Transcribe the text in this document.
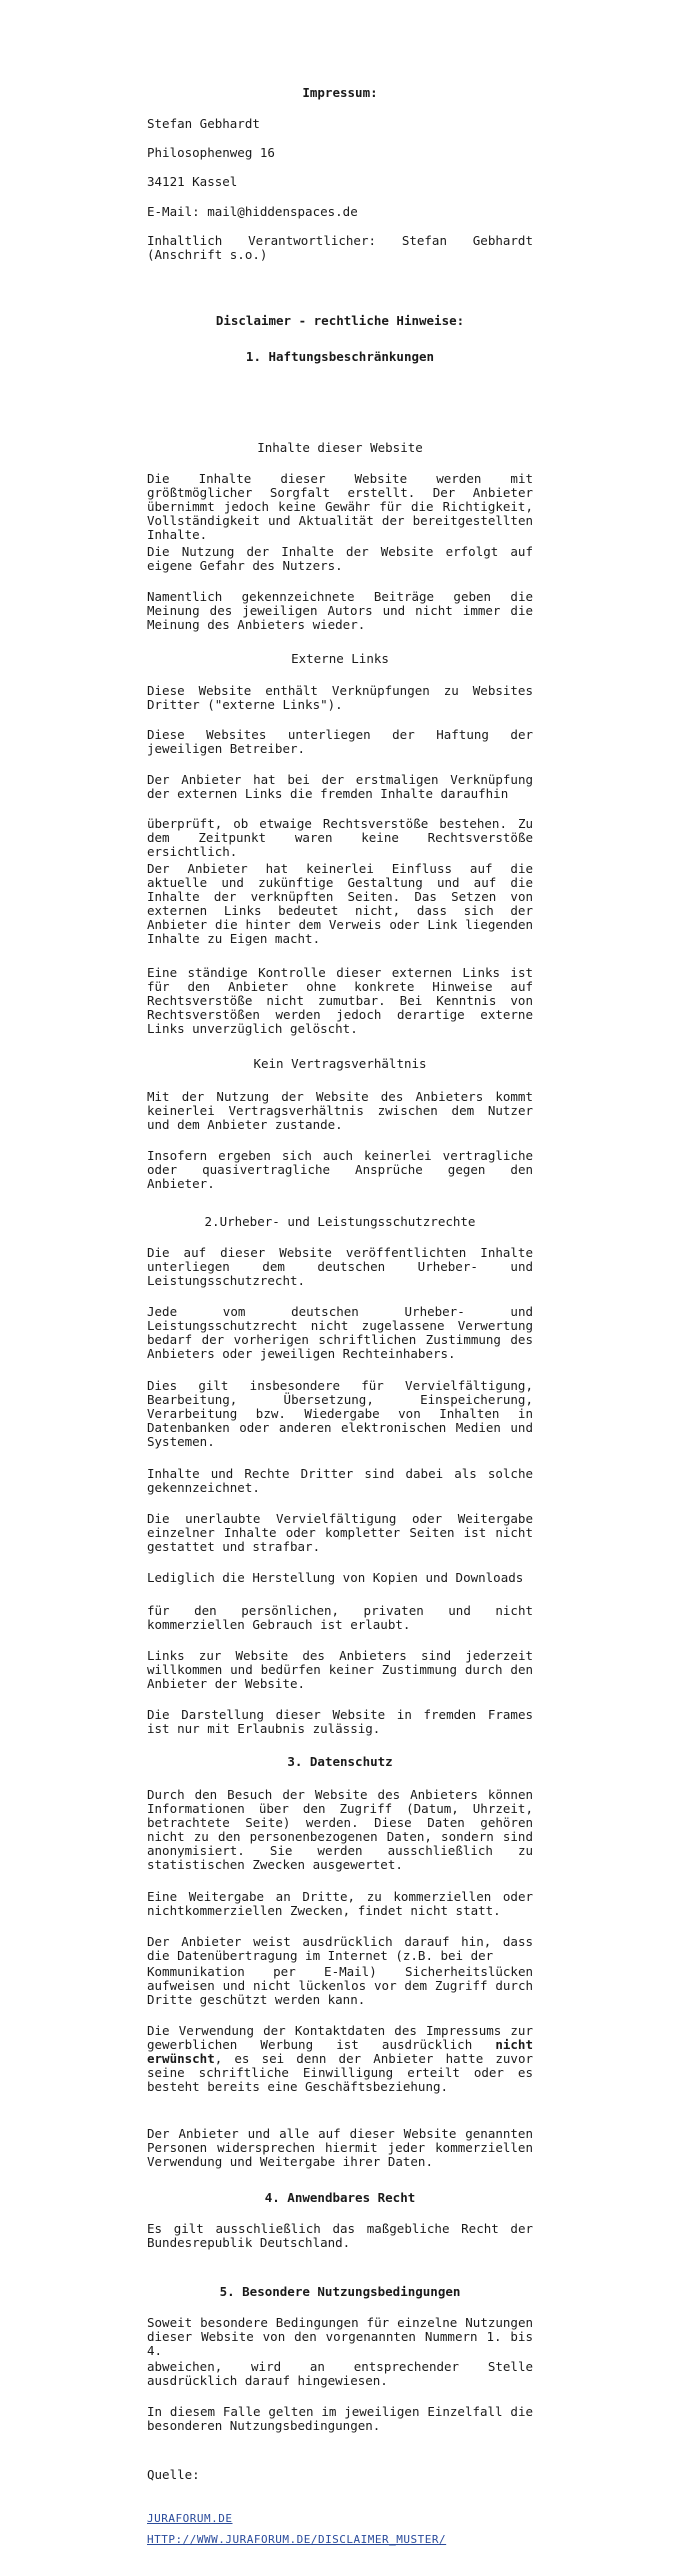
Impressum:

Stefan Gebhardt

Philosophenweg 16

34121 Kassel

E-Mail: mail@hiddenspaces.de

Inhaltlich Verantwortlicher: Stefan Gebhardt (Anschrift s.o.)

Disclaimer - rechtliche Hinweise:

1. Haftungsbeschränkungen

Inhalte dieser Website

Die Inhalte dieser Website werden mit größtmöglicher Sorgfalt erstellt. Der Anbieter übernimmt jedoch keine Gewähr für die Richtigkeit, Vollständigkeit und Aktualität der bereitgestellten Inhalte.

Die Nutzung der Inhalte der Website erfolgt auf eigene Gefahr des Nutzers.

Namentlich gekennzeichnete Beiträge geben die Meinung des jeweiligen Autors und nicht immer die Meinung des Anbieters wieder.

Externe Links

Diese Website enthält Verknüpfungen zu Websites Dritter ("externe Links").

Diese Websites unterliegen der Haftung der jeweiligen Betreiber.

Der Anbieter hat bei der erstmaligen Verknüpfung der externen Links die fremden Inhalte daraufhin

überprüft, ob etwaige Rechtsverstöße bestehen. Zu dem Zeitpunkt waren keine Rechtsverstöße ersichtlich.

Der Anbieter hat keinerlei Einfluss auf die aktuelle und zukünftige Gestaltung und auf die Inhalte der verknüpften Seiten. Das Setzen von externen Links bedeutet nicht, dass sich der Anbieter die hinter dem Verweis oder Link liegenden Inhalte zu Eigen macht.

Eine ständige Kontrolle dieser externen Links ist für den Anbieter ohne konkrete Hinweise auf Rechtsverstöße nicht zumutbar. Bei Kenntnis von Rechtsverstößen werden jedoch derartige externe Links unverzüglich gelöscht.

Kein Vertragsverhältnis

Mit der Nutzung der Website des Anbieters kommt keinerlei Vertragsverhältnis zwischen dem Nutzer und dem Anbieter zustande.

Insofern ergeben sich auch keinerlei vertragliche oder quasivertragliche Ansprüche gegen den Anbieter.

2.Urheber- und Leistungsschutzrechte

Die auf dieser Website veröffentlichten Inhalte unterliegen dem deutschen Urheber- und Leistungsschutzrecht.

Jede vom deutschen Urheber- und Leistungsschutzrecht nicht zugelassene Verwertung bedarf der vorherigen schriftlichen Zustimmung des Anbieters oder jeweiligen Rechteinhabers.

Dies gilt insbesondere für Vervielfältigung, Bearbeitung, Übersetzung, Einspeicherung, Verarbeitung bzw. Wiedergabe von Inhalten in Datenbanken oder anderen elektronischen Medien und Systemen.

Inhalte und Rechte Dritter sind dabei als solche gekennzeichnet.

Die unerlaubte Vervielfältigung oder Weitergabe einzelner Inhalte oder kompletter Seiten ist nicht gestattet und strafbar.

Lediglich die Herstellung von Kopien und Downloads

für den persönlichen, privaten und nicht kommerziellen Gebrauch ist erlaubt.

Links zur Website des Anbieters sind jederzeit willkommen und bedürfen keiner Zustimmung durch den Anbieter der Website.

Die Darstellung dieser Website in fremden Frames ist nur mit Erlaubnis zulässig.

3. Datenschutz

Durch den Besuch der Website des Anbieters können Informationen über den Zugriff (Datum, Uhrzeit, betrachtete Seite) werden. Diese Daten gehören nicht zu den personenbezogenen Daten, sondern sind anonymisiert. Sie werden ausschließlich zu statistischen Zwecken ausgewertet.

Eine Weitergabe an Dritte, zu kommerziellen oder nichtkommerziellen Zwecken, findet nicht statt.

Der Anbieter weist ausdrücklich darauf hin, dass die Datenübertragung im Internet (z.B. bei der

Kommunikation per E-Mail) Sicherheitslücken aufweisen und nicht lückenlos vor dem Zugriff durch Dritte geschützt werden kann.

Die Verwendung der Kontaktdaten des Impressums zur gewerblichen Werbung ist ausdrücklich nicht erwünscht, es sei denn der Anbieter hatte zuvor seine schriftliche Einwilligung erteilt oder es besteht bereits eine Geschäftsbeziehung.

Der Anbieter und alle auf dieser Website genannten Personen widersprechen hiermit jeder kommerziellen Verwendung und Weitergabe ihrer Daten.

4. Anwendbares Recht

Es gilt ausschließlich das maßgebliche Recht der Bundesrepublik Deutschland.

5. Besondere Nutzungsbedingungen

Soweit besondere Bedingungen für einzelne Nutzungen dieser Website von den vorgenannten Nummern 1. bis 4.

abweichen, wird an entsprechender Stelle ausdrücklich darauf hingewiesen.

In diesem Falle gelten im jeweiligen Einzelfall die besonderen Nutzungsbedingungen.

Quelle:

JURAFORUM.DE

HTTP://WWW.JURAFORUM.DE/DISCLAIMER_MUSTER/
